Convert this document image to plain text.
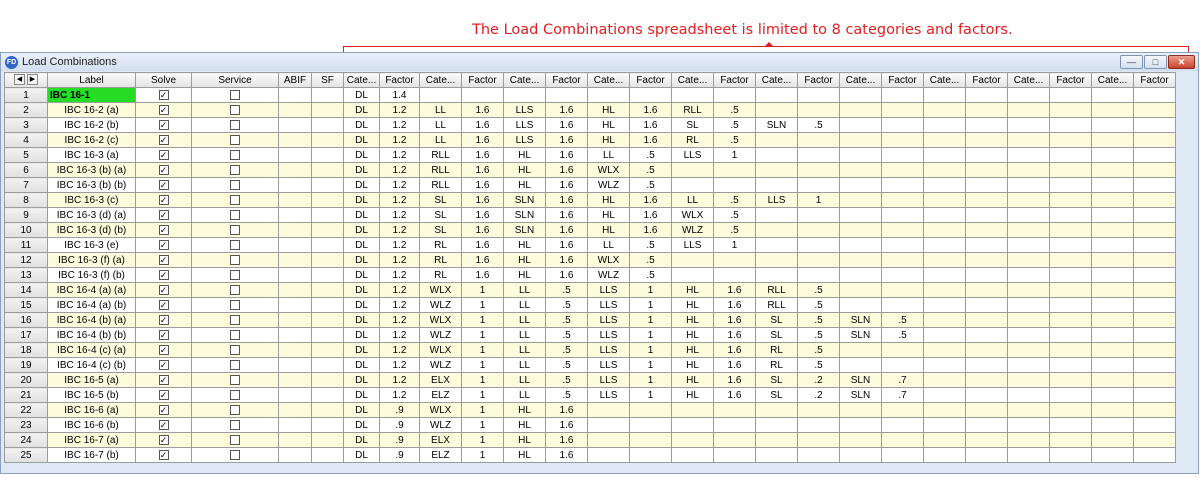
The Load Combinations spreadsheet is limited to 8 categories and factors.
FD Load Combinations	—	□	✕
◀ ▶	Label	Solve	Service	ABIF	SF	Cate...	Factor	Cate...	Factor	Cate...	Factor	Cate...	Factor	Cate...	Factor	Cate...	Factor	Cate...	Factor	Cate...	Factor	Cate...	Factor	Cate...	Factor
1	IBC 16-1	✓				DL	1.4																		
2	IBC 16-2 (a)	✓				DL	1.2	LL	1.6	LLS	1.6	HL	1.6	RLL	.5										
3	IBC 16-2 (b)	✓				DL	1.2	LL	1.6	LLS	1.6	HL	1.6	SL	.5	SLN	.5								
4	IBC 16-2 (c)	✓				DL	1.2	LL	1.6	LLS	1.6	HL	1.6	RL	.5										
5	IBC 16-3 (a)	✓				DL	1.2	RLL	1.6	HL	1.6	LL	.5	LLS	1										
6	IBC 16-3 (b) (a)	✓				DL	1.2	RLL	1.6	HL	1.6	WLX	.5												
7	IBC 16-3 (b) (b)	✓				DL	1.2	RLL	1.6	HL	1.6	WLZ	.5												
8	IBC 16-3 (c)	✓				DL	1.2	SL	1.6	SLN	1.6	HL	1.6	LL	.5	LLS	1								
9	IBC 16-3 (d) (a)	✓				DL	1.2	SL	1.6	SLN	1.6	HL	1.6	WLX	.5										
10	IBC 16-3 (d) (b)	✓				DL	1.2	SL	1.6	SLN	1.6	HL	1.6	WLZ	.5										
11	IBC 16-3 (e)	✓				DL	1.2	RL	1.6	HL	1.6	LL	.5	LLS	1										
12	IBC 16-3 (f) (a)	✓				DL	1.2	RL	1.6	HL	1.6	WLX	.5												
13	IBC 16-3 (f) (b)	✓				DL	1.2	RL	1.6	HL	1.6	WLZ	.5												
14	IBC 16-4 (a) (a)	✓				DL	1.2	WLX	1	LL	.5	LLS	1	HL	1.6	RLL	.5								
15	IBC 16-4 (a) (b)	✓				DL	1.2	WLZ	1	LL	.5	LLS	1	HL	1.6	RLL	.5								
16	IBC 16-4 (b) (a)	✓				DL	1.2	WLX	1	LL	.5	LLS	1	HL	1.6	SL	.5	SLN	.5						
17	IBC 16-4 (b) (b)	✓				DL	1.2	WLZ	1	LL	.5	LLS	1	HL	1.6	SL	.5	SLN	.5						
18	IBC 16-4 (c) (a)	✓				DL	1.2	WLX	1	LL	.5	LLS	1	HL	1.6	RL	.5								
19	IBC 16-4 (c) (b)	✓				DL	1.2	WLZ	1	LL	.5	LLS	1	HL	1.6	RL	.5								
20	IBC 16-5 (a)	✓				DL	1.2	ELX	1	LL	.5	LLS	1	HL	1.6	SL	.2	SLN	.7						
21	IBC 16-5 (b)	✓				DL	1.2	ELZ	1	LL	.5	LLS	1	HL	1.6	SL	.2	SLN	.7						
22	IBC 16-6 (a)	✓				DL	.9	WLX	1	HL	1.6														
23	IBC 16-6 (b)	✓				DL	.9	WLZ	1	HL	1.6														
24	IBC 16-7 (a)	✓				DL	.9	ELX	1	HL	1.6														
25	IBC 16-7 (b)	✓				DL	.9	ELZ	1	HL	1.6														
